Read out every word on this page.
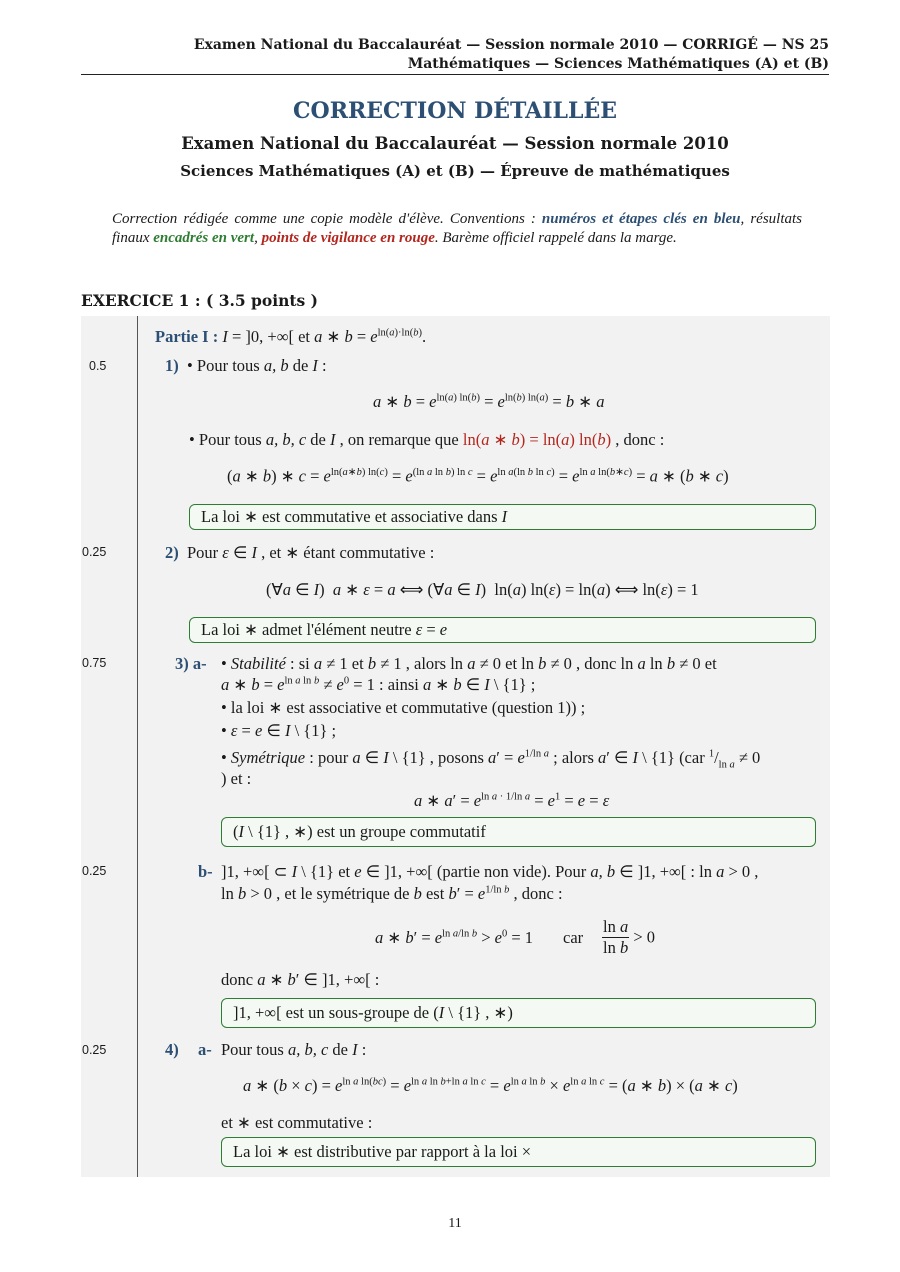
Examen National du Baccalauréat — Session normale 2010 — CORRIGÉ — NS 25
Mathématiques — Sciences Mathématiques (A) et (B)
CORRECTION DÉTAILLÉE
Examen National du Baccalauréat — Session normale 2010
Sciences Mathématiques (A) et (B) — Épreuve de mathématiques
Correction rédigée comme une copie modèle d'élève. Conventions : numéros et étapes clés en bleu, résultats finaux encadrés en vert, points de vigilance en rouge. Barème officiel rappelé dans la marge.
EXERCICE 1 : ( 3.5 points )
0.5
0.25
0.75
0.25
0.25
Partie I : I = ]0, +∞[ et a ∗ $b = e^{ln(a)\cdot ln(b)}$.
1)  • Pour tous a, b de I :
a ∗ $b = e^{ln(a) ln(b)} = e^{ln(b) ln(a)} = b$ ∗ a
• Pour tous a, b, c de I , on remarque que ln(a ∗ b) = ln(a) ln(b) , donc :
(a ∗ b) ∗ $c = e^{ln(a∗b) ln(c)} = e^{(ln a ln b) ln c} = e^{ln a(ln b ln c)} = e^{ln a ln(b∗c)} = a$ ∗ (b ∗ c)
La loi ∗ est commutative et associative dans I
2)  Pour ε ∈ I , et ∗ étant commutative :
(∀a ∈ I)  a ∗ ε = a ⟺ (∀a ∈ I)  ln(a) ln(ε) = ln(a) ⟺ ln(ε) = 1
La loi ∗ admet l'élément neutre ε = e
3) a- • Stabilité : si a ≠ 1 et b ≠ 1 , alors ln a ≠ 0 et ln b ≠ 0 , donc ln a ln b ≠ 0 et
a ∗ $b = e^{ln a ln b} \ne e^0 = 1$ : ainsi a ∗ b ∈ I \ {1} ;
• la loi ∗ est associative et commutative (question 1)) ;
• ε = e ∈ I \ {1} ;
• Symétrique : pour a ∈ I \ {1} , posons $a' = e^{1/ln a}$ ; alors a′ ∈ I \ {1} (car $^1/_{ln a} \ne 0$
) et :
a ∗ $a' = e^{ln a \cdot 1/ln a} = e^1 = e = \varepsilon$
(I \ {1} , ∗) est un groupe commutatif
b- ]1, +∞[ ⊂ I \ {1} et e ∈ ]1, +∞[ (partie non vide). Pour a, b ∈ ]1, +∞[ : ln a > 0 ,
ln b > 0 , et le symétrique de b est $b' = e^{1/ln b}$ , donc :
a ∗ $b' = e^{ln a/ln b} > e^0 = 1$ car $\frac{\text{ln a}}{\text{ln b}} > 0$
donc a ∗ b′ ∈ ]1, +∞[ :
]1, +∞[ est un sous-groupe de (I \ {1} , ∗)
4) a- Pour tous a, b, c de I :
a ∗ $(b \times c) = e^{ln a ln(bc)} = e^{ln a ln b+ln a ln c} = e^{ln a ln b} \times e^{ln a ln c} = (a$ ∗ b) × (a ∗ c)
et ∗ est commutative :
La loi ∗ est distributive par rapport à la loi ×
11
